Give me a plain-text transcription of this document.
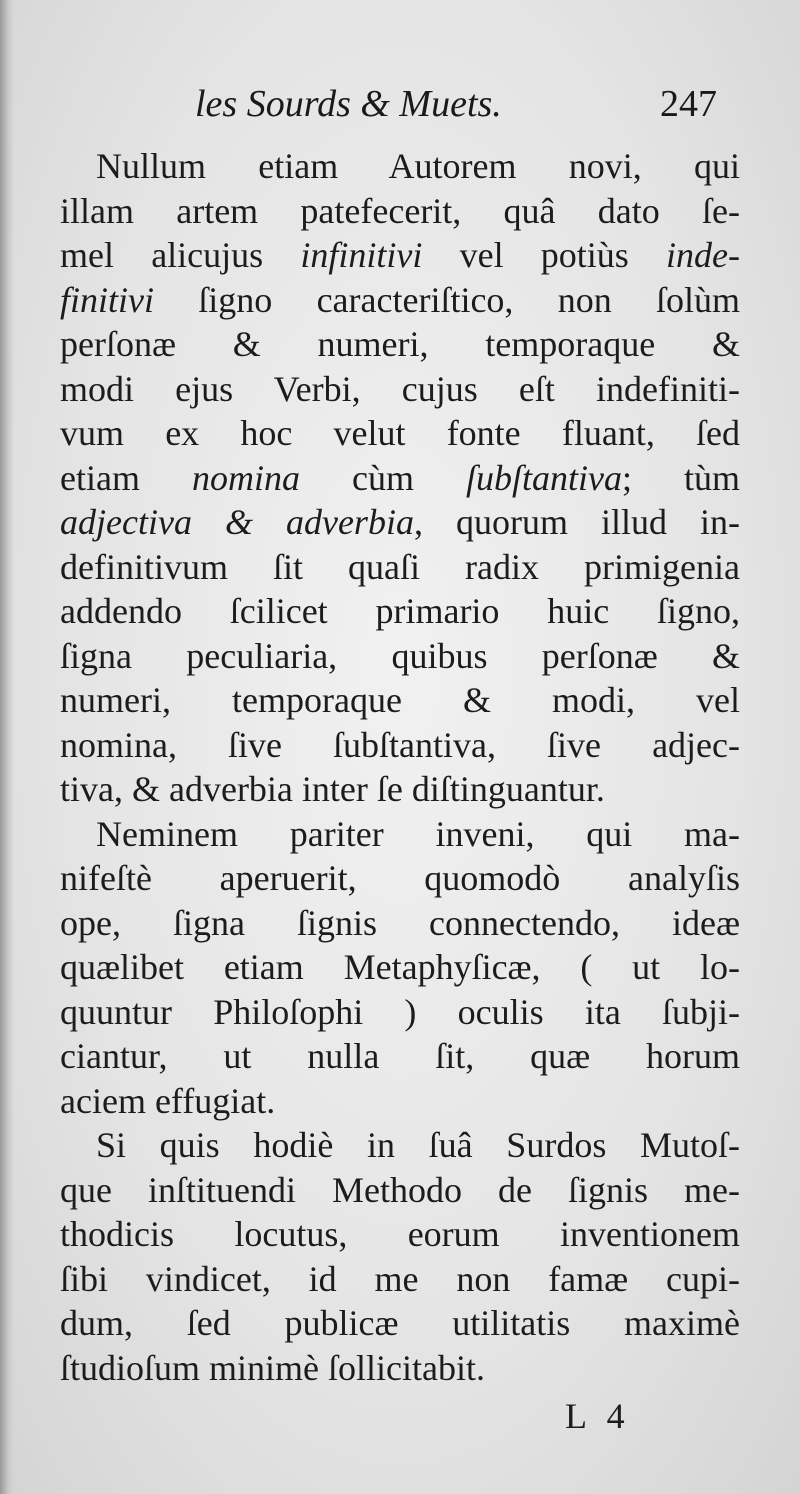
les Sourds & Muets.	247
Nullum etiam Autorem novi, qui
illam artem patefecerit, quâ dato ſe-
mel alicujus infinitivi vel potiùs inde-
finitivi ſigno caracteriſtico, non ſolùm
perſonæ & numeri, temporaque &
modi ejus Verbi, cujus eſt indefiniti-
vum ex hoc velut fonte fluant, ſed
etiam nomina cùm ſubſtantiva; tùm
adjectiva & adverbia, quorum illud in-
definitivum ſit quaſi radix primigenia
addendo ſcilicet primario huic ſigno,
ſigna peculiaria, quibus perſonæ &
numeri, temporaque & modi, vel
nomina, ſive ſubſtantiva, ſive adjec-
tiva, & adverbia inter ſe diſtinguantur.
Neminem pariter inveni, qui ma-
nifeſtè aperuerit, quomodò analyſis
ope, ſigna ſignis connectendo, ideæ
quælibet etiam Metaphyſicæ, ( ut lo-
quuntur Philoſophi ) oculis ita ſubji-
ciantur, ut nulla ſit, quæ horum
aciem effugiat.
Si quis hodiè in ſuâ Surdos Mutoſ-
que inſtituendi Methodo de ſignis me-
thodicis locutus, eorum inventionem
ſibi vindicet, id me non famæ cupi-
dum, ſed publicæ utilitatis maximè
ſtudioſum minimè ſollicitabit.
L 4
